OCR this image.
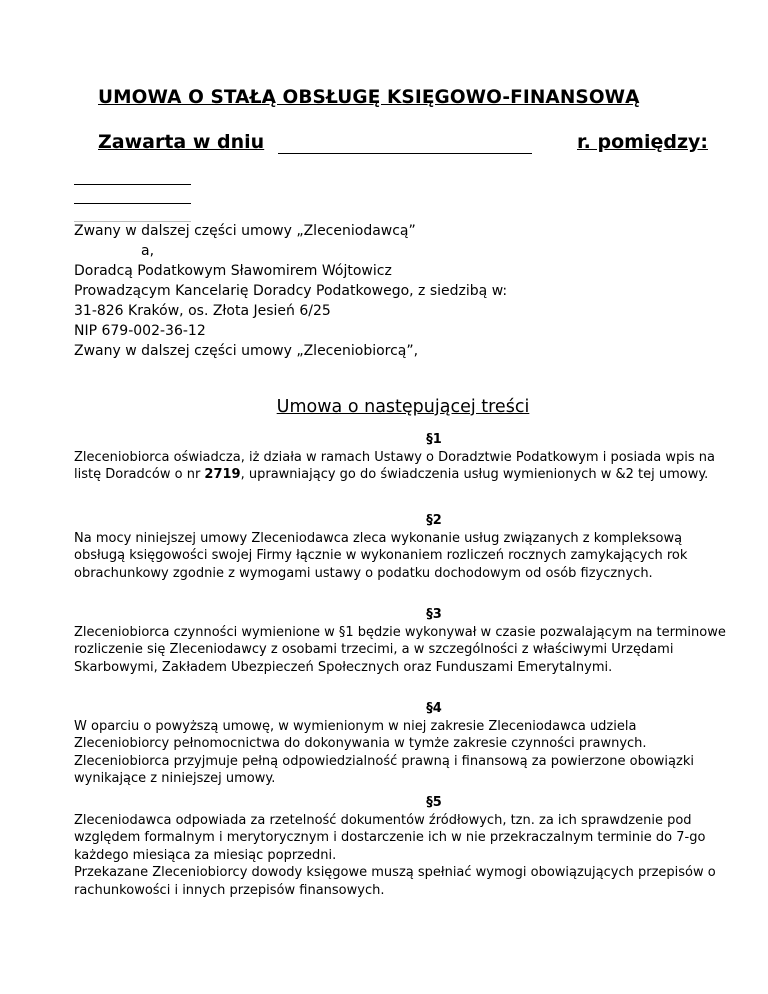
UMOWA O STAŁĄ OBSŁUGĘ KSIĘGOWO-FINANSOWĄ
Zawarta w dniu	r. pomiędzy:
Zwany w dalszej części umowy „Zleceniodawcą”
a,
Doradcą Podatkowym Sławomirem Wójtowicz
Prowadzącym Kancelarię Doradcy Podatkowego, z siedzibą w:
31-826 Kraków, os. Złota Jesień 6/25
NIP 679-002-36-12
Zwany w dalszej części umowy „Zleceniobiorcą”,
Umowa o następującej treści
§1

Zleceniobiorca oświadcza, iż działa w ramach Ustawy o Doradztwie Podatkowym i posiada wpis na listę Doradców o nr 2719, uprawniający go do świadczenia usług wymienionych w &2 tej umowy.

§2

Na mocy niniejszej umowy Zleceniodawca zleca wykonanie usług związanych z kompleksową obsługą księgowości swojej Firmy łącznie w wykonaniem rozliczeń rocznych zamykających rok obrachunkowy zgodnie z wymogami ustawy o podatku dochodowym od osób fizycznych.

§3

Zleceniobiorca czynności wymienione w §1 będzie wykonywał w czasie pozwalającym na terminowe rozliczenie się Zleceniodawcy z osobami trzecimi, a w szczególności z właściwymi Urzędami Skarbowymi, Zakładem Ubezpieczeń Społecznych oraz Funduszami Emerytalnymi.

§4

W oparciu o powyższą umowę, w wymienionym w niej zakresie Zleceniodawca udziela Zleceniobiorcy pełnomocnictwa do dokonywania w tymże zakresie czynności prawnych. Zleceniobiorca przyjmuje pełną odpowiedzialność prawną i finansową za powierzone obowiązki wynikające z niniejszej umowy.

§5

Zleceniodawca odpowiada za rzetelność dokumentów źródłowych, tzn. za ich sprawdzenie pod względem formalnym i merytorycznym i dostarczenie ich w nie przekraczalnym terminie do 7-go każdego miesiąca za miesiąc poprzedni.

Przekazane Zleceniobiorcy dowody księgowe muszą spełniać wymogi obowiązujących przepisów o rachunkowości i innych przepisów finansowych.
